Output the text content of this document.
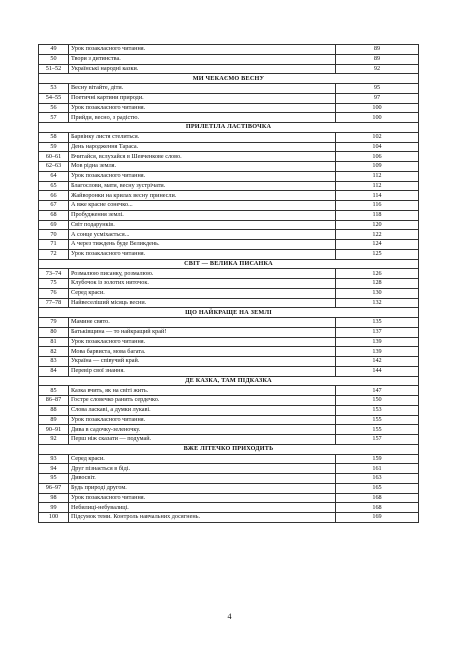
49	Урок позакласного читання.	89
50	Твори з дитинства.	89
51–52	Українські народні казки.	92
МИ ЧЕКАЄМО ВЕСНУ		
53	Весну вітайте, діти.	95
54–55	Поетичні картини природи.	97
56	Урок позакласного читання.	100
57	Прийди, весно, з радістю.	100
ПРИЛЕТІЛА ЛАСТІВОЧКА		
58	Барвінку листя стелиться.	102
59	День народження Тараса.	104
60–61	Вчитайся, вслухайся в Шевченкове слово.	106
62–63	Мов рідна земля.	109
64	Урок позакласного читання.	112
65	Благослови, мати, весну зустрічати.	112
66	Жайворонки на крилах весну принесли.	114
67	А вже красне сонечко...	116
68	Пробудження землі.	118
69	Світ подарунків.	120
70	А сонце усміхається...	122
71	А через тиждень буде Великдень.	124
72	Урок позакласного читання.	125
СВІТ — ВЕЛИКА ПИСАНКА		
73–74	Розмалюю писанку, розмалюю.	126
75	Клубочок із золотих ниточок.	128
76	Серед краси.	130
77–78	Найвеселіший місяць весни.	132
ЩО НАЙКРАЩЕ НА ЗЕМЛІ		
79	Мамине свято.	135
80	Батьківщина — то найкращий край!	137
81	Урок позакласного читання.	139
82	Мова барвиста, мова багата.	139
83	Україна — співучий край.	142
84	Перевір свої знання.	144
ДЕ КАЗКА, ТАМ ПІДКАЗКА		
85	Казка вчить, як на світі жить.	147
86–87	Гостре словечко ранить сердечко.	150
88	Слова ласкаві, а думки лукаві.	153
89	Урок позакласного читання.	155
90–91	Дива в садочку-зеленочку.	155
92	Перш ніж сказати — подумай.	157
ВЖЕ ЛІТЕЧКО ПРИХОДИТЬ		
93	Серед краси.	159
94	Друг пізнається в біді.	161
95	Дивосвіт.	163
96–97	Будь природі другом.	165
98	Урок позакласного читання.	168
99	Небилиці-небувалиці.	168
100	Підсумок теми. Контроль навчальних досягнень.	169
4
